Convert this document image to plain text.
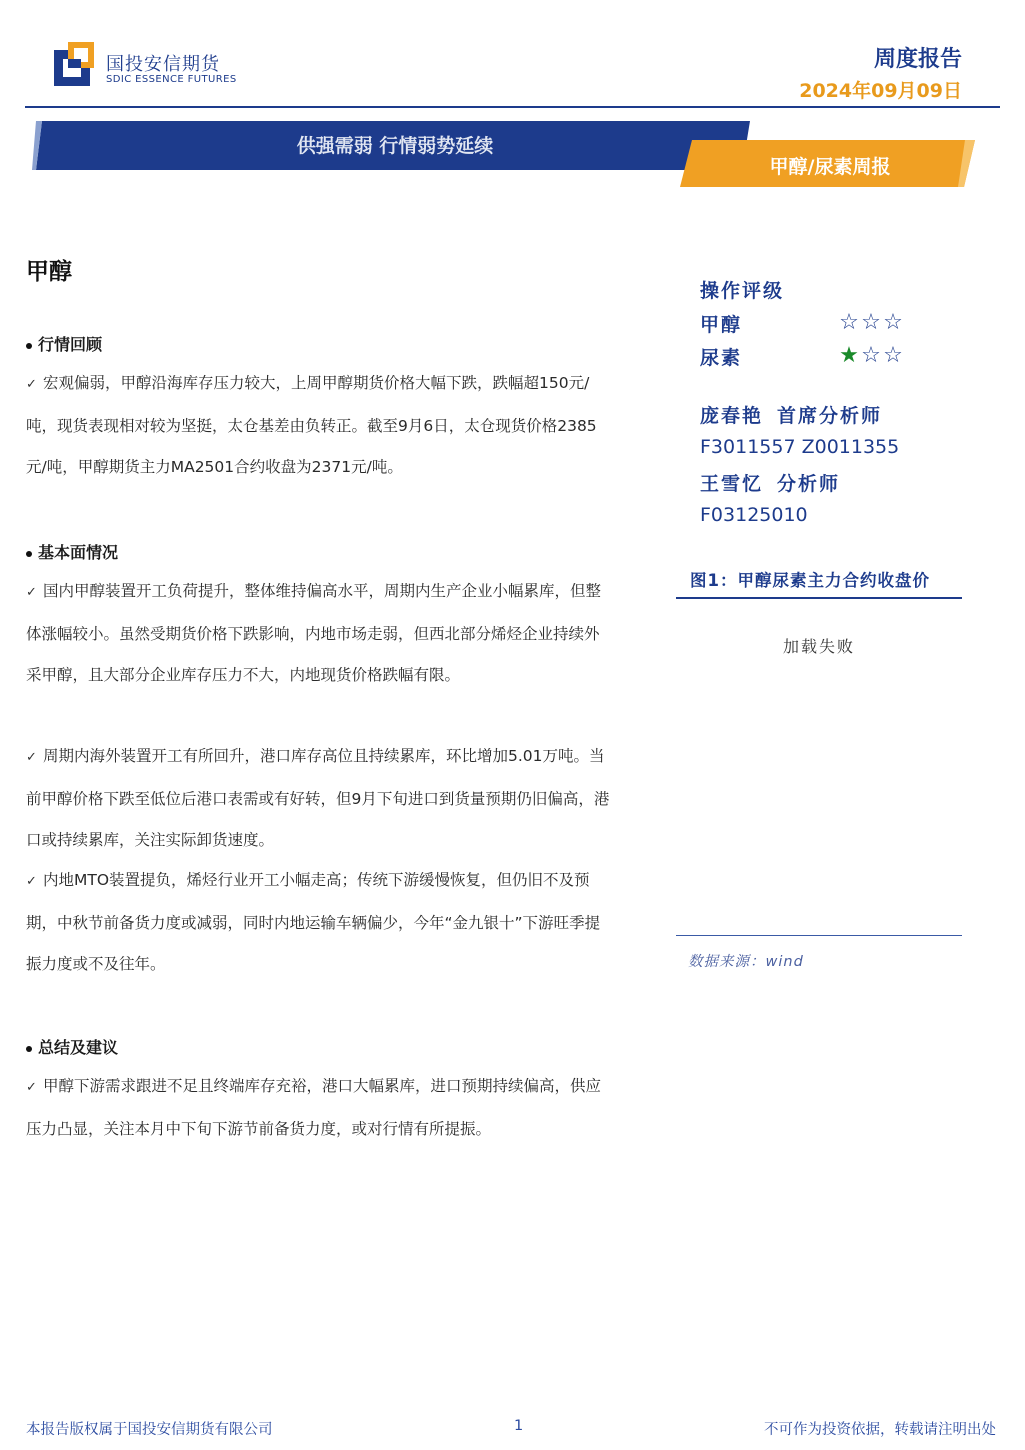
国投安信期货
SDIC ESSENCE FUTURES
周度报告
2024年09月09日
供强需弱 行情弱势延续
甲醇/尿素周报
甲醇
行情回顾
✓ 宏观偏弱，甲醇沿海库存压力较大，上周甲醇期货价格大幅下跌，跌幅超150元/吨，现货表现相对较为坚挺，太仓基差由负转正。截至9月6日，太仓现货价格2385元/吨，甲醇期货主力MA2501合约收盘为2371元/吨。
基本面情况
✓ 国内甲醇装置开工负荷提升，整体维持偏高水平，周期内生产企业小幅累库，但整体涨幅较小。虽然受期货价格下跌影响，内地市场走弱，但西北部分烯烃企业持续外采甲醇，且大部分企业库存压力不大，内地现货价格跌幅有限。
✓ 周期内海外装置开工有所回升，港口库存高位且持续累库，环比增加5.01万吨。当前甲醇价格下跌至低位后港口表需或有好转，但9月下旬进口到货量预期仍旧偏高，港口或持续累库，关注实际卸货速度。
✓ 内地MTO装置提负，烯烃行业开工小幅走高；传统下游缓慢恢复，但仍旧不及预期，中秋节前备货力度或减弱，同时内地运输车辆偏少，今年“金九银十”下游旺季提振力度或不及往年。
总结及建议
✓ 甲醇下游需求跟进不足且终端库存充裕，港口大幅累库，进口预期持续偏高，供应压力凸显，关注本月中下旬下游节前备货力度，或对行情有所提振。
操作评级
甲醇	☆ ☆ ☆
尿素	★ ☆ ☆
庞春艳 首席分析师
F3011557 Z0011355
王雪忆 分析师
F03125010
图1：甲醇尿素主力合约收盘价
加载失败
数据来源：wind
本报告版权属于国投安信期货有限公司	1	不可作为投资依据，转载请注明出处
